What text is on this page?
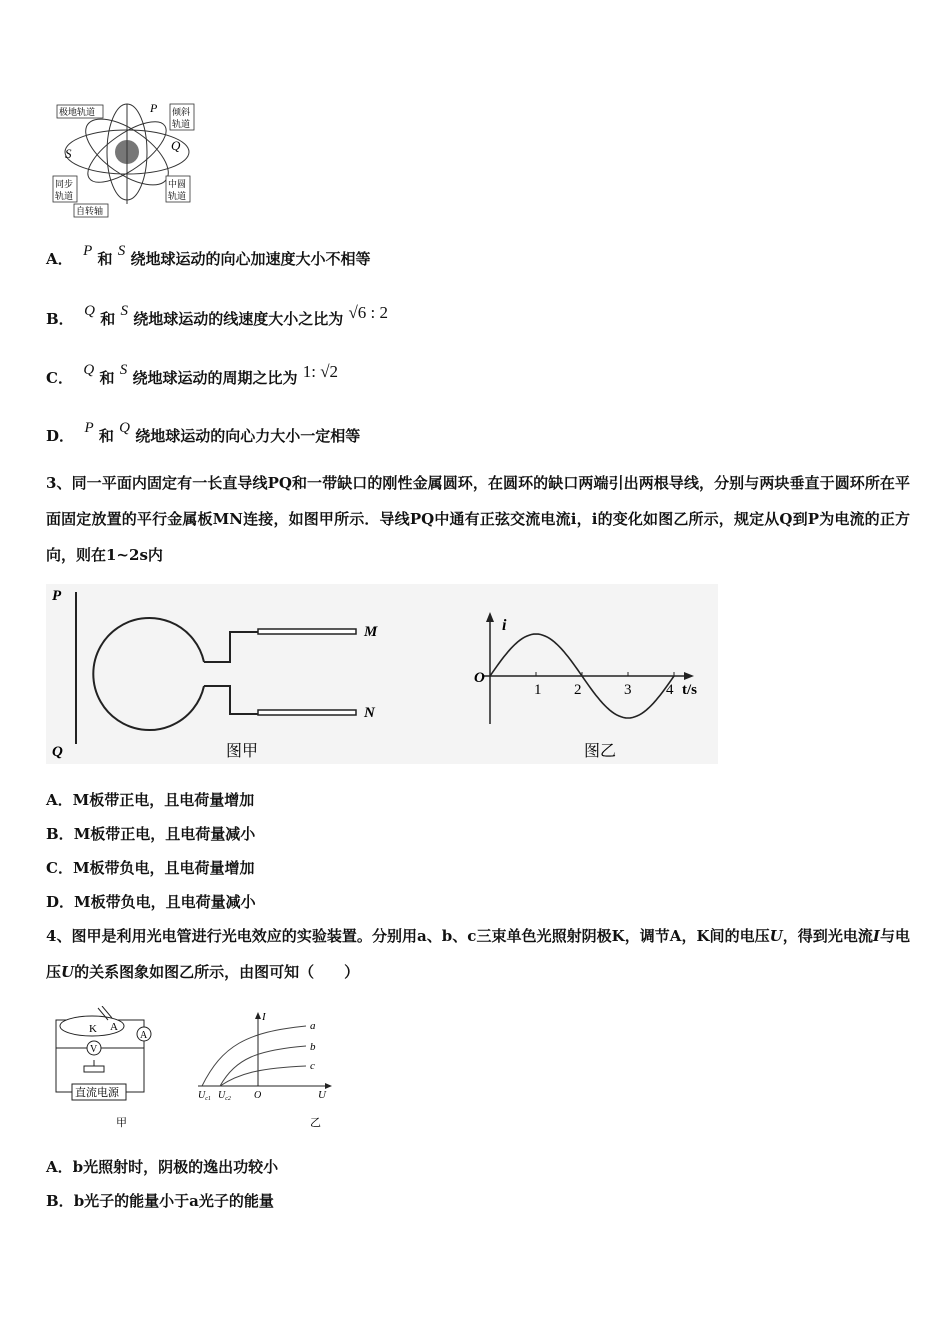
极地轨道	P 倾斜
轨道
S
Q
同步
轨道
中圆
轨道
自转轴
A． P 和 S 绕地球运动的向心加速度大小不相等
B． Q 和 S 绕地球运动的线速度大小之比为 √6 : 2
C． Q 和 S 绕地球运动的周期之比为 1: √2
D． P 和 Q 绕地球运动的向心力大小一定相等
3、同一平面内固定有一长直导线PQ和一带缺口的刚性金属圆环，在圆环的缺口两端引出两根导线，分别与两块垂直于圆环所在平面固定放置的平行金属板MN连接，如图甲所示．导线PQ中通有正弦交流电流i，i的变化如图乙所示，规定从Q到P为电流的正方向，则在1~2s内
P
Q
M
N
图甲
i
O
t/s
1 2	3 4
图乙
A．M板带正电，且电荷量增加
B．M板带正电，且电荷量减小
C．M板带负电，且电荷量增加
D．M板带负电，且电荷量减小
4、图甲是利用光电管进行光电效应的实验装置。分别用a、b、c三束单色光照射阴极K，调节A，K间的电压U，得到光电流I与电压U的关系图象如图乙所示，由图可知（　　）
K A
A
V
直流电源
甲
I
a
b
c
$U_{c1}$ $U_{c2}$ O	U
乙
A．b光照射时，阴极的逸出功较小
B．b光子的能量小于a光子的能量
